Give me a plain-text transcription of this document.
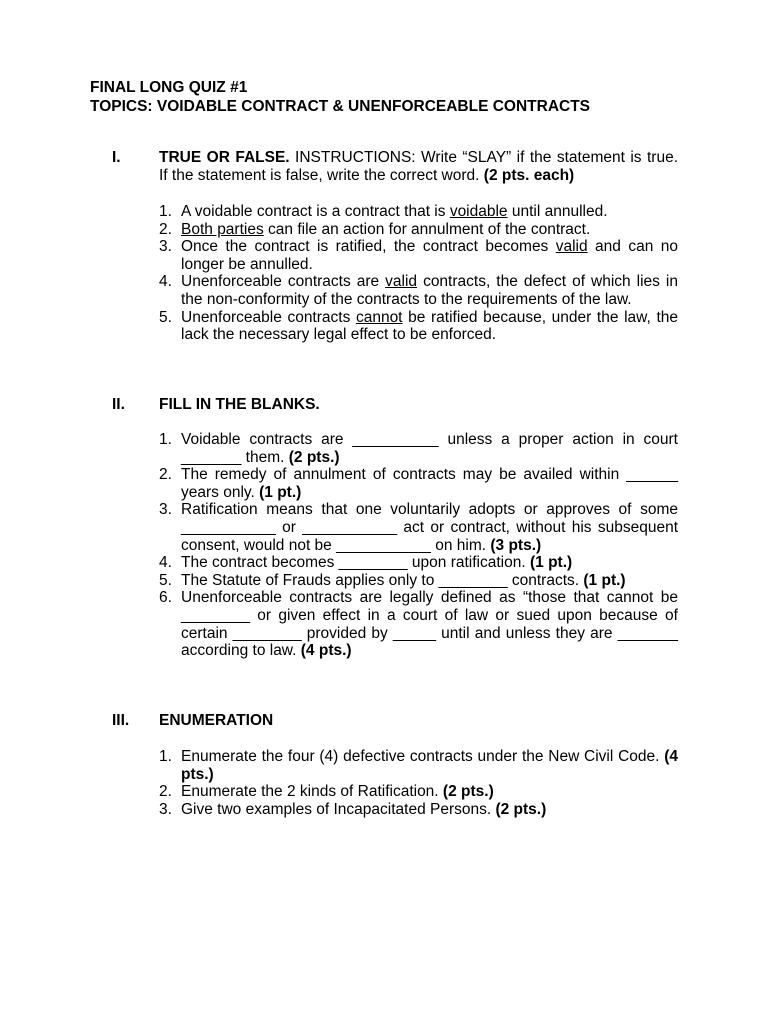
FINAL LONG QUIZ #1
TOPICS: VOIDABLE CONTRACT & UNENFORCEABLE CONTRACTS
I. TRUE OR FALSE. INSTRUCTIONS: Write “SLAY” if the statement is true. If the statement is false, write the correct word. (2 pts. each)
1. A voidable contract is a contract that is voidable until annulled.
2. Both parties can file an action for annulment of the contract.
3. Once the contract is ratified, the contract becomes valid and can no longer be annulled.
4. Unenforceable contracts are valid contracts, the defect of which lies in the non-conformity of the contracts to the requirements of the law.
5. Unenforceable contracts cannot be ratified because, under the law, the lack the necessary legal effect to be enforced.
II. FILL IN THE BLANKS.
1. Voidable contracts are __________ unless a proper action in court _______ them. (2 pts.)
2. The remedy of annulment of contracts may be availed within ______ years only. (1 pt.)
3. Ratification means that one voluntarily adopts or approves of some ___________ or ___________ act or contract, without his subsequent consent, would not be ___________ on him. (3 pts.)
4. The contract becomes ________ upon ratification. (1 pt.)
5. The Statute of Frauds applies only to ________ contracts. (1 pt.)
6. Unenforceable contracts are legally defined as “those that cannot be ________ or given effect in a court of law or sued upon because of certain ________ provided by _____ until and unless they are _______ according to law. (4 pts.)
III. ENUMERATION
1. Enumerate the four (4) defective contracts under the New Civil Code. (4 pts.)
2. Enumerate the 2 kinds of Ratification. (2 pts.)
3. Give two examples of Incapacitated Persons. (2 pts.)
